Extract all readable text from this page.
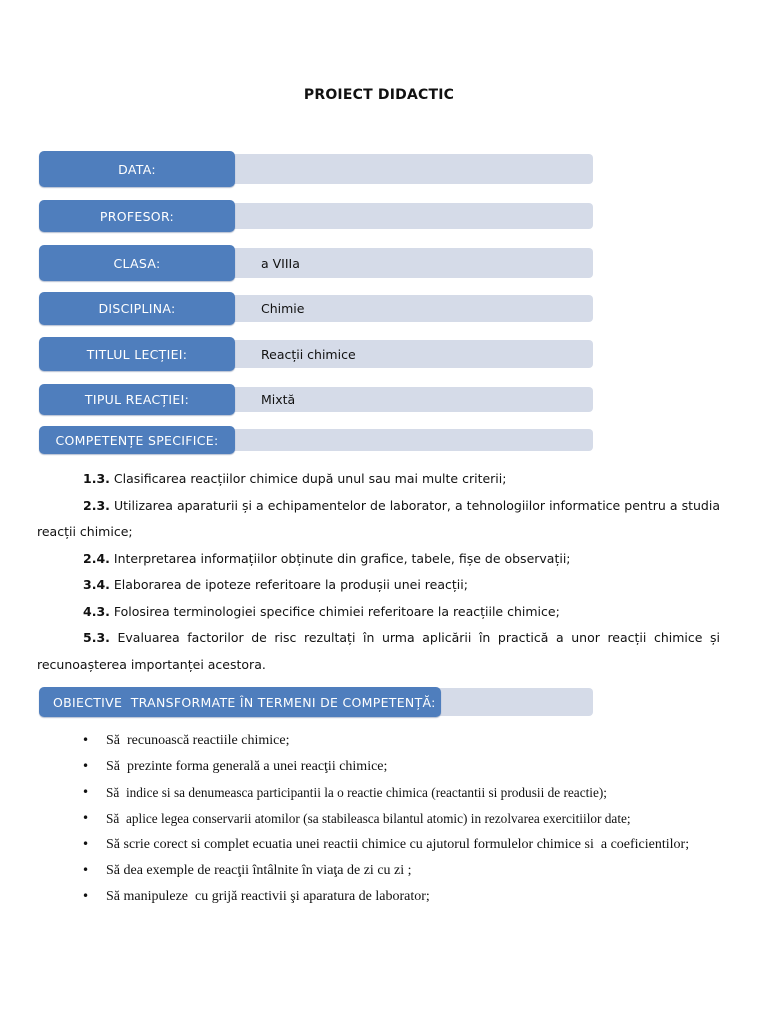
PROIECT DIDACTIC
DATA:
PROFESOR:
a VIIIa
CLASA:
Chimie
DISCIPLINA:
Reacții chimice
TITLUL LECȚIEI:
Mixtă
TIPUL REACȚIEI:
COMPETENȚE SPECIFICE:

1.3. Clasificarea reacțiilor chimice după unul sau mai multe criterii;

2.3. Utilizarea aparaturii și a echipamentelor de laborator, a tehnologiilor informatice pentru a studia reacții chimice;

2.4. Interpretarea informațiilor obținute din grafice, tabele, fișe de observații;

3.4. Elaborarea de ipoteze referitoare la produșii unei reacții;

4.3. Folosirea terminologiei specifice chimiei referitoare la reacțiile chimice;

5.3. Evaluarea factorilor de risc rezultați în urma aplicării în practică a unor reacții chimice și recunoașterea importanței acestora.

OBIECTIVE  TRANSFORMATE ÎN TERMENI DE COMPETENȚĂ:
• Să  recunoască reactiile chimice;
• Să  prezinte forma generală a unei reacţii chimice;
• Să  indice si sa denumeasca participantii la o reactie chimica (reactantii si produsii de reactie);
• Să  aplice legea conservarii atomilor (sa stabileasca bilantul atomic) in rezolvarea exercitiilor date;
• Să scrie corect si complet ecuatia unei reactii chimice cu ajutorul formulelor chimice si  a coeficientilor;
• Să dea exemple de reacţii întâlnite în viaţa de zi cu zi ;
• Să manipuleze  cu grijă reactivii şi aparatura de laborator;
